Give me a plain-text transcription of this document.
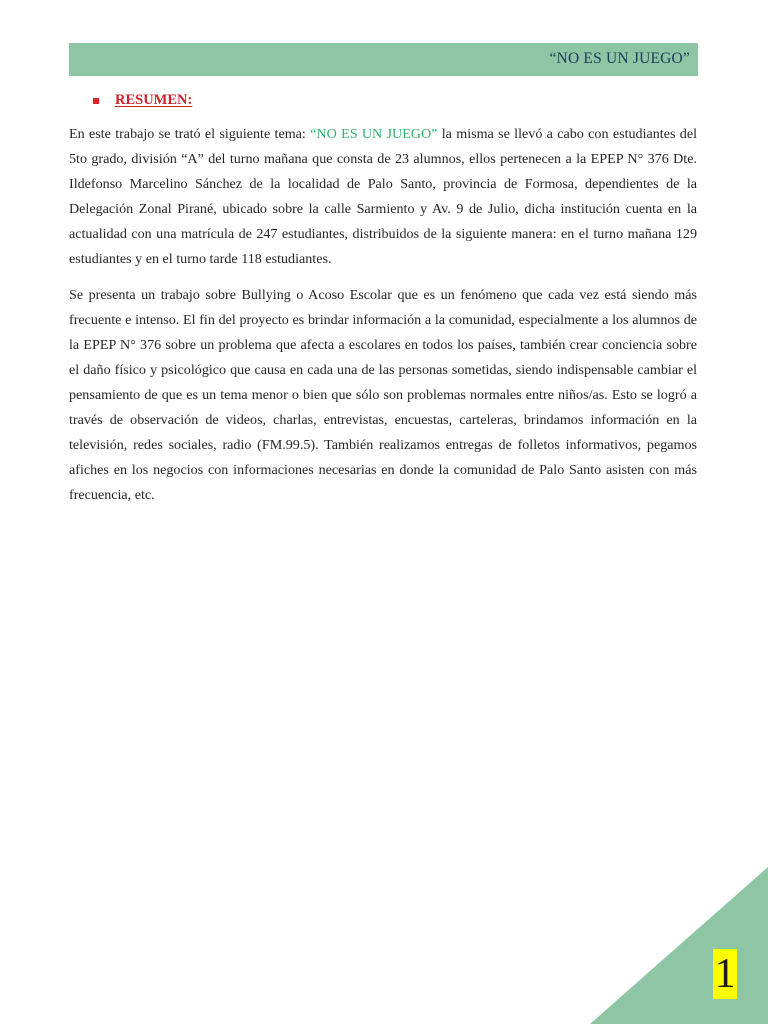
“NO ES UN JUEGO”
RESUMEN:

En este trabajo se trató el siguiente tema: “NO ES UN JUEGO” la misma se llevó a cabo con estudiantes del 5to grado, división “A” del turno mañana que consta de 23 alumnos, ellos pertenecen a la EPEP N° 376 Dte. Ildefonso Marcelino Sánchez de la localidad de Palo Santo, provincia de Formosa, dependientes de la Delegación Zonal Pirané, ubicado sobre la calle Sarmiento y Av. 9 de Julio, dicha institución cuenta en la actualidad con una matrícula de 247 estudiantes, distribuidos de la siguiente manera: en el turno mañana 129 estudiantes y en el turno tarde 118 estudiantes.

Se presenta un trabajo sobre Bullying o Acoso Escolar que es un fenómeno que cada vez está siendo más frecuente e intenso. El fin del proyecto es brindar información a la comunidad, especialmente a los alumnos de la EPEP N° 376 sobre un problema que afecta a escolares en todos los países, también crear conciencia sobre el daño físico y psicológico que causa en cada una de las personas sometidas, siendo indispensable cambiar el pensamiento de que es un tema menor o bien que sólo son problemas normales entre niños/as. Esto se logró a través de observación de videos, charlas, entrevistas, encuestas, carteleras, brindamos información en la televisión, redes sociales, radio (FM.99.5). También realizamos entregas de folletos informativos, pegamos afiches en los negocios con informaciones necesarias en donde la comunidad de Palo Santo asisten con más frecuencia, etc.

1
